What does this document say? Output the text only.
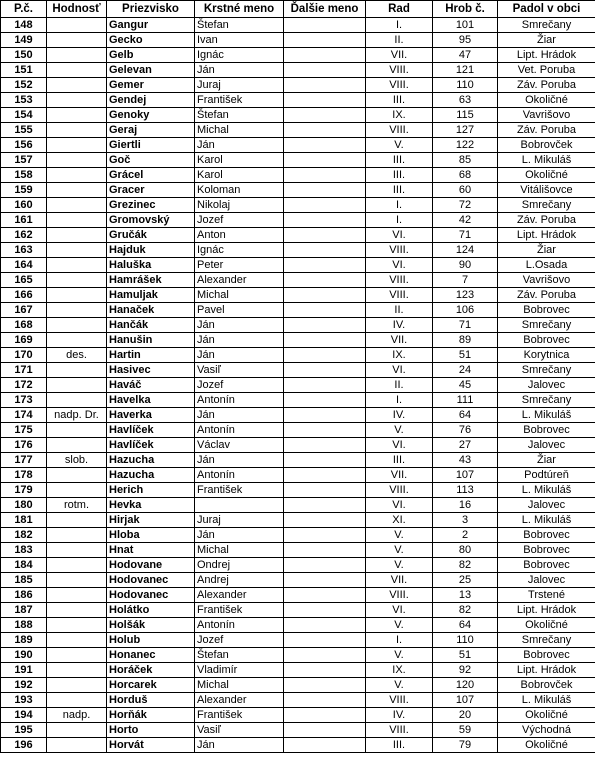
P.č.	Hodnosť	Priezvisko	Krstné meno	Ďalšie meno	Rad	Hrob č.	Padol v obci
148		Gangur	Štefan		I.	101	Smrečany
149		Gecko	Ivan		II.	95	Žiar
150		Gelb	Ignác		VII.	47	Lipt. Hrádok
151		Gelevan	Ján		VIII.	121	Vet. Poruba
152		Gemer	Juraj		VIII.	110	Záv. Poruba
153		Gendej	František		III.	63	Okoličné
154		Genoky	Štefan		IX.	115	Vavrišovo
155		Geraj	Michal		VIII.	127	Záv. Poruba
156		Giertli	Ján		V.	122	Bobrovček
157		Goč	Karol		III.	85	L. Mikuláš
158		Grácel	Karol		III.	68	Okoličné
159		Gracer	Koloman		III.	60	Vitálišovce
160		Grezinec	Nikolaj		I.	72	Smrečany
161		Gromovský	Jozef		I.	42	Záv. Poruba
162		Gručák	Anton		VI.	71	Lipt. Hrádok
163		Hajduk	Ignác		VIII.	124	Žiar
164		Haluška	Peter		VI.	90	L.Osada
165		Hamrášek	Alexander		VIII.	7	Vavrišovo
166		Hamuljak	Michal		VIII.	123	Záv. Poruba
167		Hanaček	Pavel		II.	106	Bobrovec
168		Hančák	Ján		IV.	71	Smrečany
169		Hanušin	Ján		VII.	89	Bobrovec
170	des.	Hartin	Ján		IX.	51	Korytnica
171		Hasivec	Vasiľ		VI.	24	Smrečany
172		Haváč	Jozef		II.	45	Jalovec
173		Havelka	Antonín		I.	111	Smrečany
174	nadp. Dr.	Haverka	Ján		IV.	64	L. Mikuláš
175		Havlíček	Antonín		V.	76	Bobrovec
176		Havlíček	Václav		VI.	27	Jalovec
177	slob.	Hazucha	Ján		III.	43	Žiar
178		Hazucha	Antonín		VII.	107	Podtúreň
179		Herich	František		VIII.	113	L. Mikuláš
180	rotm.	Hevka			VI.	16	Jalovec
181		Hirjak	Juraj		XI.	3	L. Mikuláš
182		Hloba	Ján		V.	2	Bobrovec
183		Hnat	Michal		V.	80	Bobrovec
184		Hodovane	Ondrej		V.	82	Bobrovec
185		Hodovanec	Andrej		VII.	25	Jalovec
186		Hodovanec	Alexander		VIII.	13	Trstené
187		Holátko	František		VI.	82	Lipt. Hrádok
188		Holšák	Antonín		V.	64	Okoličné
189		Holub	Jozef		I.	110	Smrečany
190		Honanec	Štefan		V.	51	Bobrovec
191		Horáček	Vladimír		IX.	92	Lipt. Hrádok
192		Horcarek	Michal		V.	120	Bobrovček
193		Horduš	Alexander		VIII.	107	L. Mikuláš
194	nadp.	Horňák	František		IV.	20	Okoličné
195		Horto	Vasiľ		VIII.	59	Východná
196		Horvát	Ján		III.	79	Okoličné
